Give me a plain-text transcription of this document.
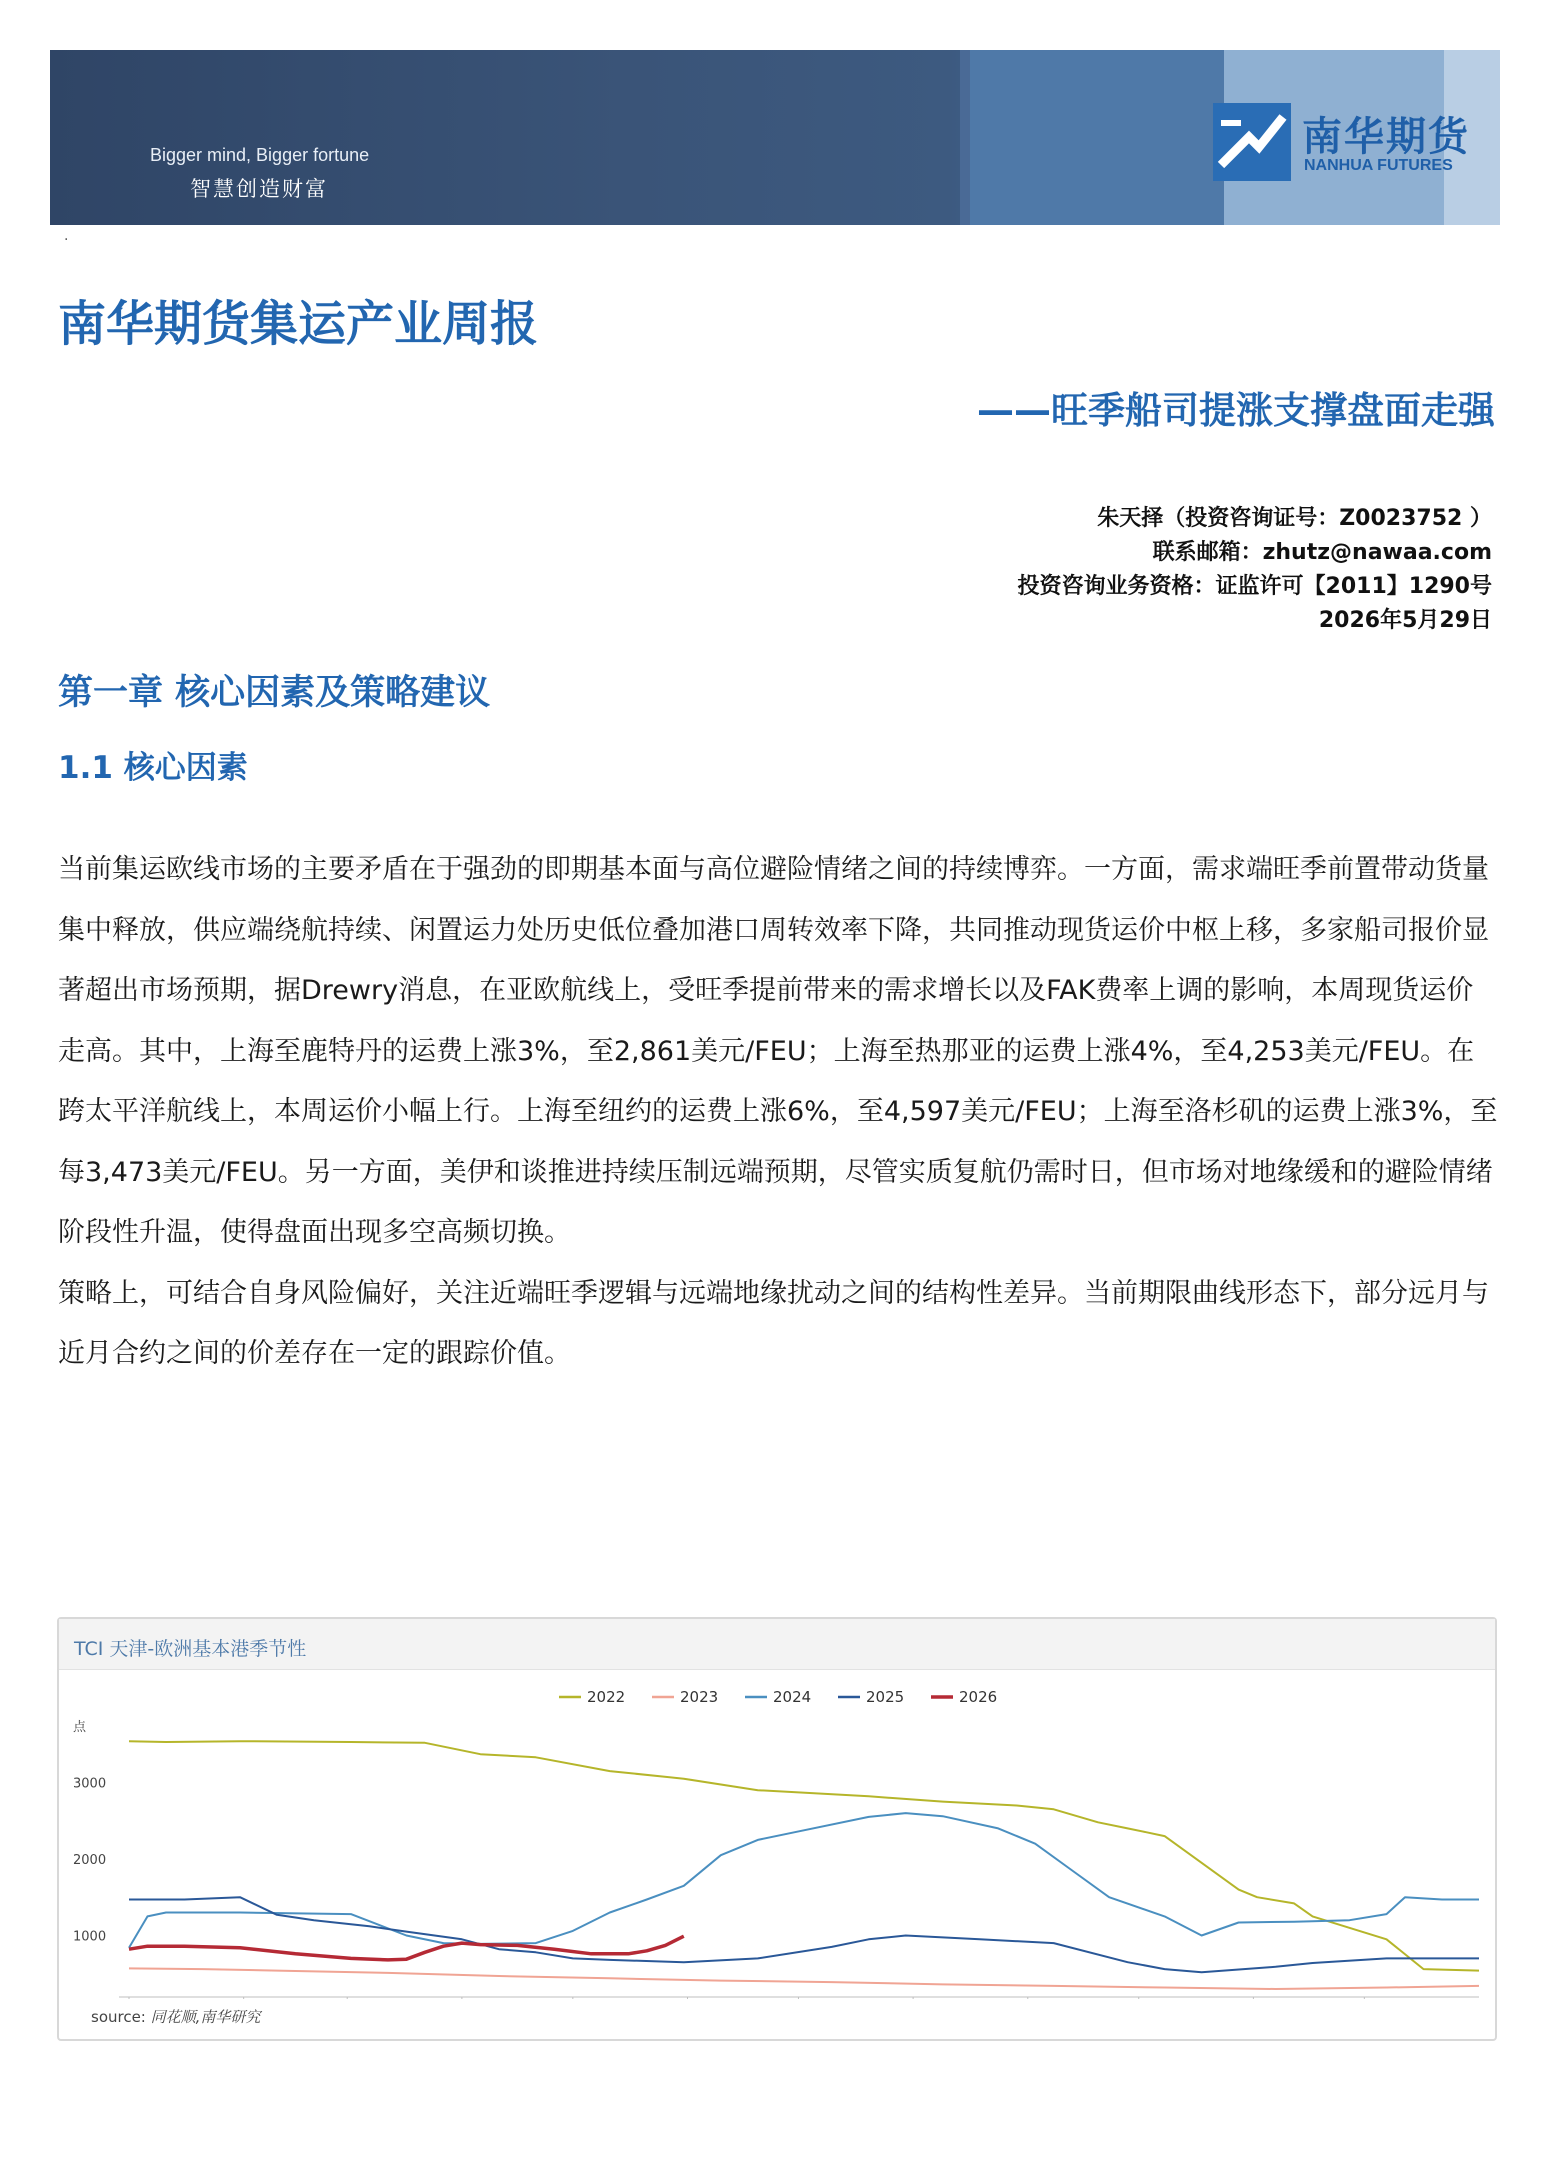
Bigger mind, Bigger fortune
智慧创造财富
南华期货
NANHUA FUTURES
·
南华期货集运产业周报
——旺季船司提涨支撑盘面走强
朱天择（投资咨询证号：Z0023752 ）
联系邮箱：zhutz@nawaa.com
投资咨询业务资格：证监许可【2011】1290号
2026年5月29日
第一章 核心因素及策略建议
1.1 核心因素

当前集运欧线市场的主要矛盾在于强劲的即期基本面与高位避险情绪之间的持续博弈。一方面，需求端旺季前置带动货量集中释放，供应端绕航持续、闲置运力处历史低位叠加港口周转效率下降，共同推动现货运价中枢上移，多家船司报价显著超出市场预期，据Drewry消息，在亚欧航线上，受旺季提前带来的需求增长以及FAK费率上调的影响，本周现货运价走高。其中，上海至鹿特丹的运费上涨3%，至2,861美元/FEU；上海至热那亚的运费上涨4%，至4,253美元/FEU。在跨太平洋航线上，本周运价小幅上行。上海至纽约的运费上涨6%，至4,597美元/FEU；上海至洛杉矶的运费上涨3%，至每3,473美元/FEU。另一方面，美伊和谈推进持续压制远端预期，尽管实质复航仍需时日，但市场对地缘缓和的避险情绪阶段性升温，使得盘面出现多空高频切换。

策略上，可结合自身风险偏好，关注近端旺季逻辑与远端地缘扰动之间的结构性差异。当前期限曲线形态下，部分远月与近月合约之间的价差存在一定的跟踪价值。

TCI 天津-欧洲基本港季节性
点
1000
2000
3000
2022	2023	2024	2025	2026
source: 同花顺,南华研究
